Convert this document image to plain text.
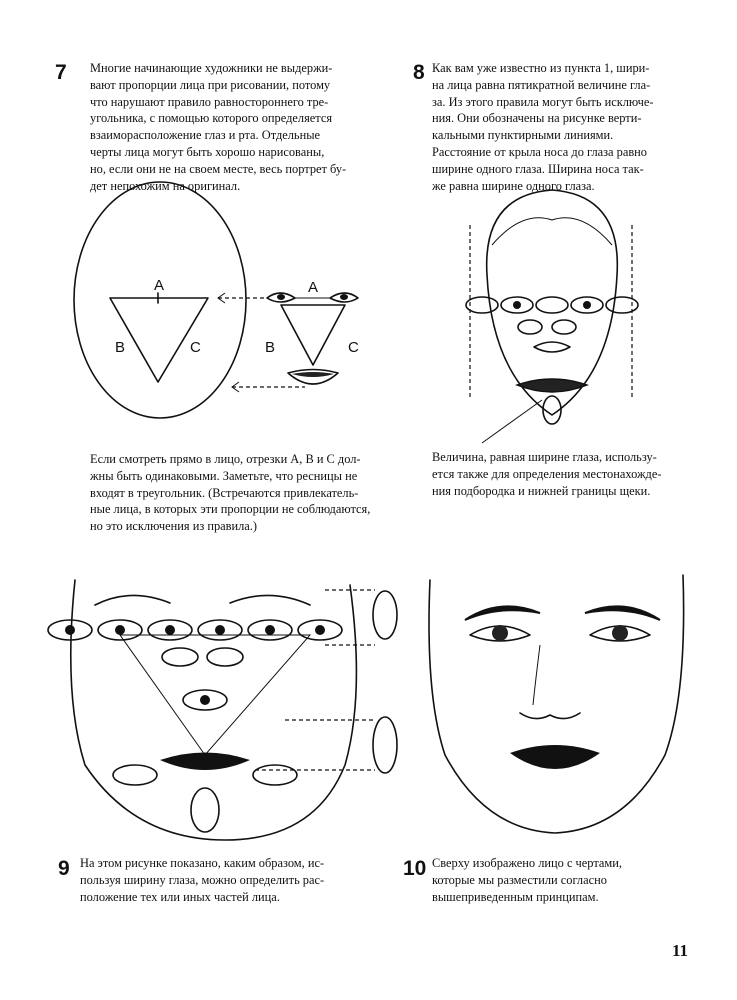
7 Многие начинающие художники не выдержи-
вают пропорции лица при рисовании, потому
что нарушают правило равностороннего тре-
угольника, с помощью которого определяется
взаиморасположение глаз и рта. Отдельные
черты лица могут быть хорошо нарисованы,
но, если они не на своем месте, весь портрет бу-
дет непохожим на оригинал.
8 Как вам уже известно из пункта 1, шири-
на лица равна пятикратной величине гла-
за. Из этого правила могут быть исключе-
ния. Они обозначены на рисунке верти-
кальными пунктирными линиями.
Расстояние от крыла носа до глаза равно
ширине одного глаза. Ширина носа так-
же равна ширине одного глаза.
A
B	C
A
B	C
Величина, равная ширине глаза, использу-
ется также для определения местонахожде-
ния подбородка и нижней границы щеки.
Если смотреть прямо в лицо, отрезки A, B и C дол-
жны быть одинаковыми. Заметьте, что ресницы не
входят в треугольник. (Встречаются привлекатель-
ные лица, в которых эти пропорции не соблюдаются,
но это исключения из правила.)
9 На этом рисунке показано, каким образом, ис-
пользуя ширину глаза, можно определить рас-
положение тех или иных частей лица.
10 Сверху изображено лицо с чертами,
которые мы разместили согласно
вышеприведенным принципам.
11
